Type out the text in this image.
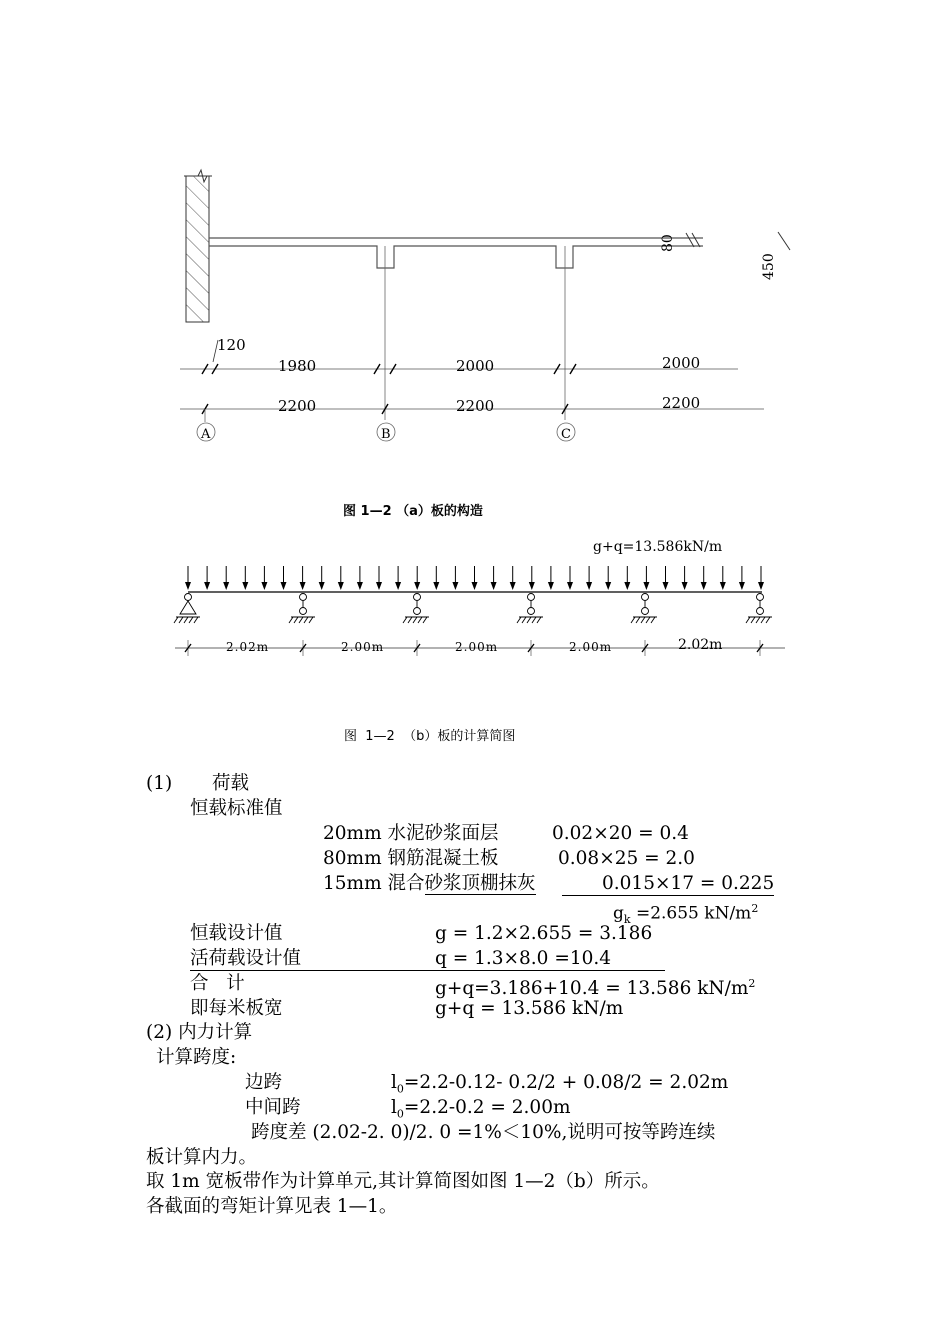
80
450
120
1980	2000	2000
2200	2200	2200
A	B	C
图 1—2 （a）板的构造
g+q=13.586kN/m
2.02m	2.00m	2.00m	2.00m	2.02m
图  1—2  （b）板的计算简图
(1) 荷载
恒载标准值
20mm 水泥砂浆面层	0.02×20 = 0.4
80mm 钢筋混凝土板	0.08×25 = 2.0
15mm 混合砂浆顶棚抹灰	0.015×17 = 0.225
$g_k =2.655$ $kN/m^2$
恒载设计值	g = 1.2×2.655 = 3.186
活荷载设计值	q = 1.3×8.0 =10.4
合   计	g+q=3.186+10.4 = 13.586 $kN/m^2$
即每米板宽	g+q = 13.586 kN/m
(2) 内力计算
计算跨度:
边跨	$l_0=2.2-0.12-$ 0.2/2 + 0.08/2 = 2.02m
中间跨	$l_0=2.2-0.2 = 2.00m$
跨度差 (2.02-2. 0)/2. 0 =1%＜10%,说明可按等跨连续
板计算内力。
取 1m 宽板带作为计算单元,其计算简图如图 1—2（b）所示。
各截面的弯矩计算见表 1—1。
